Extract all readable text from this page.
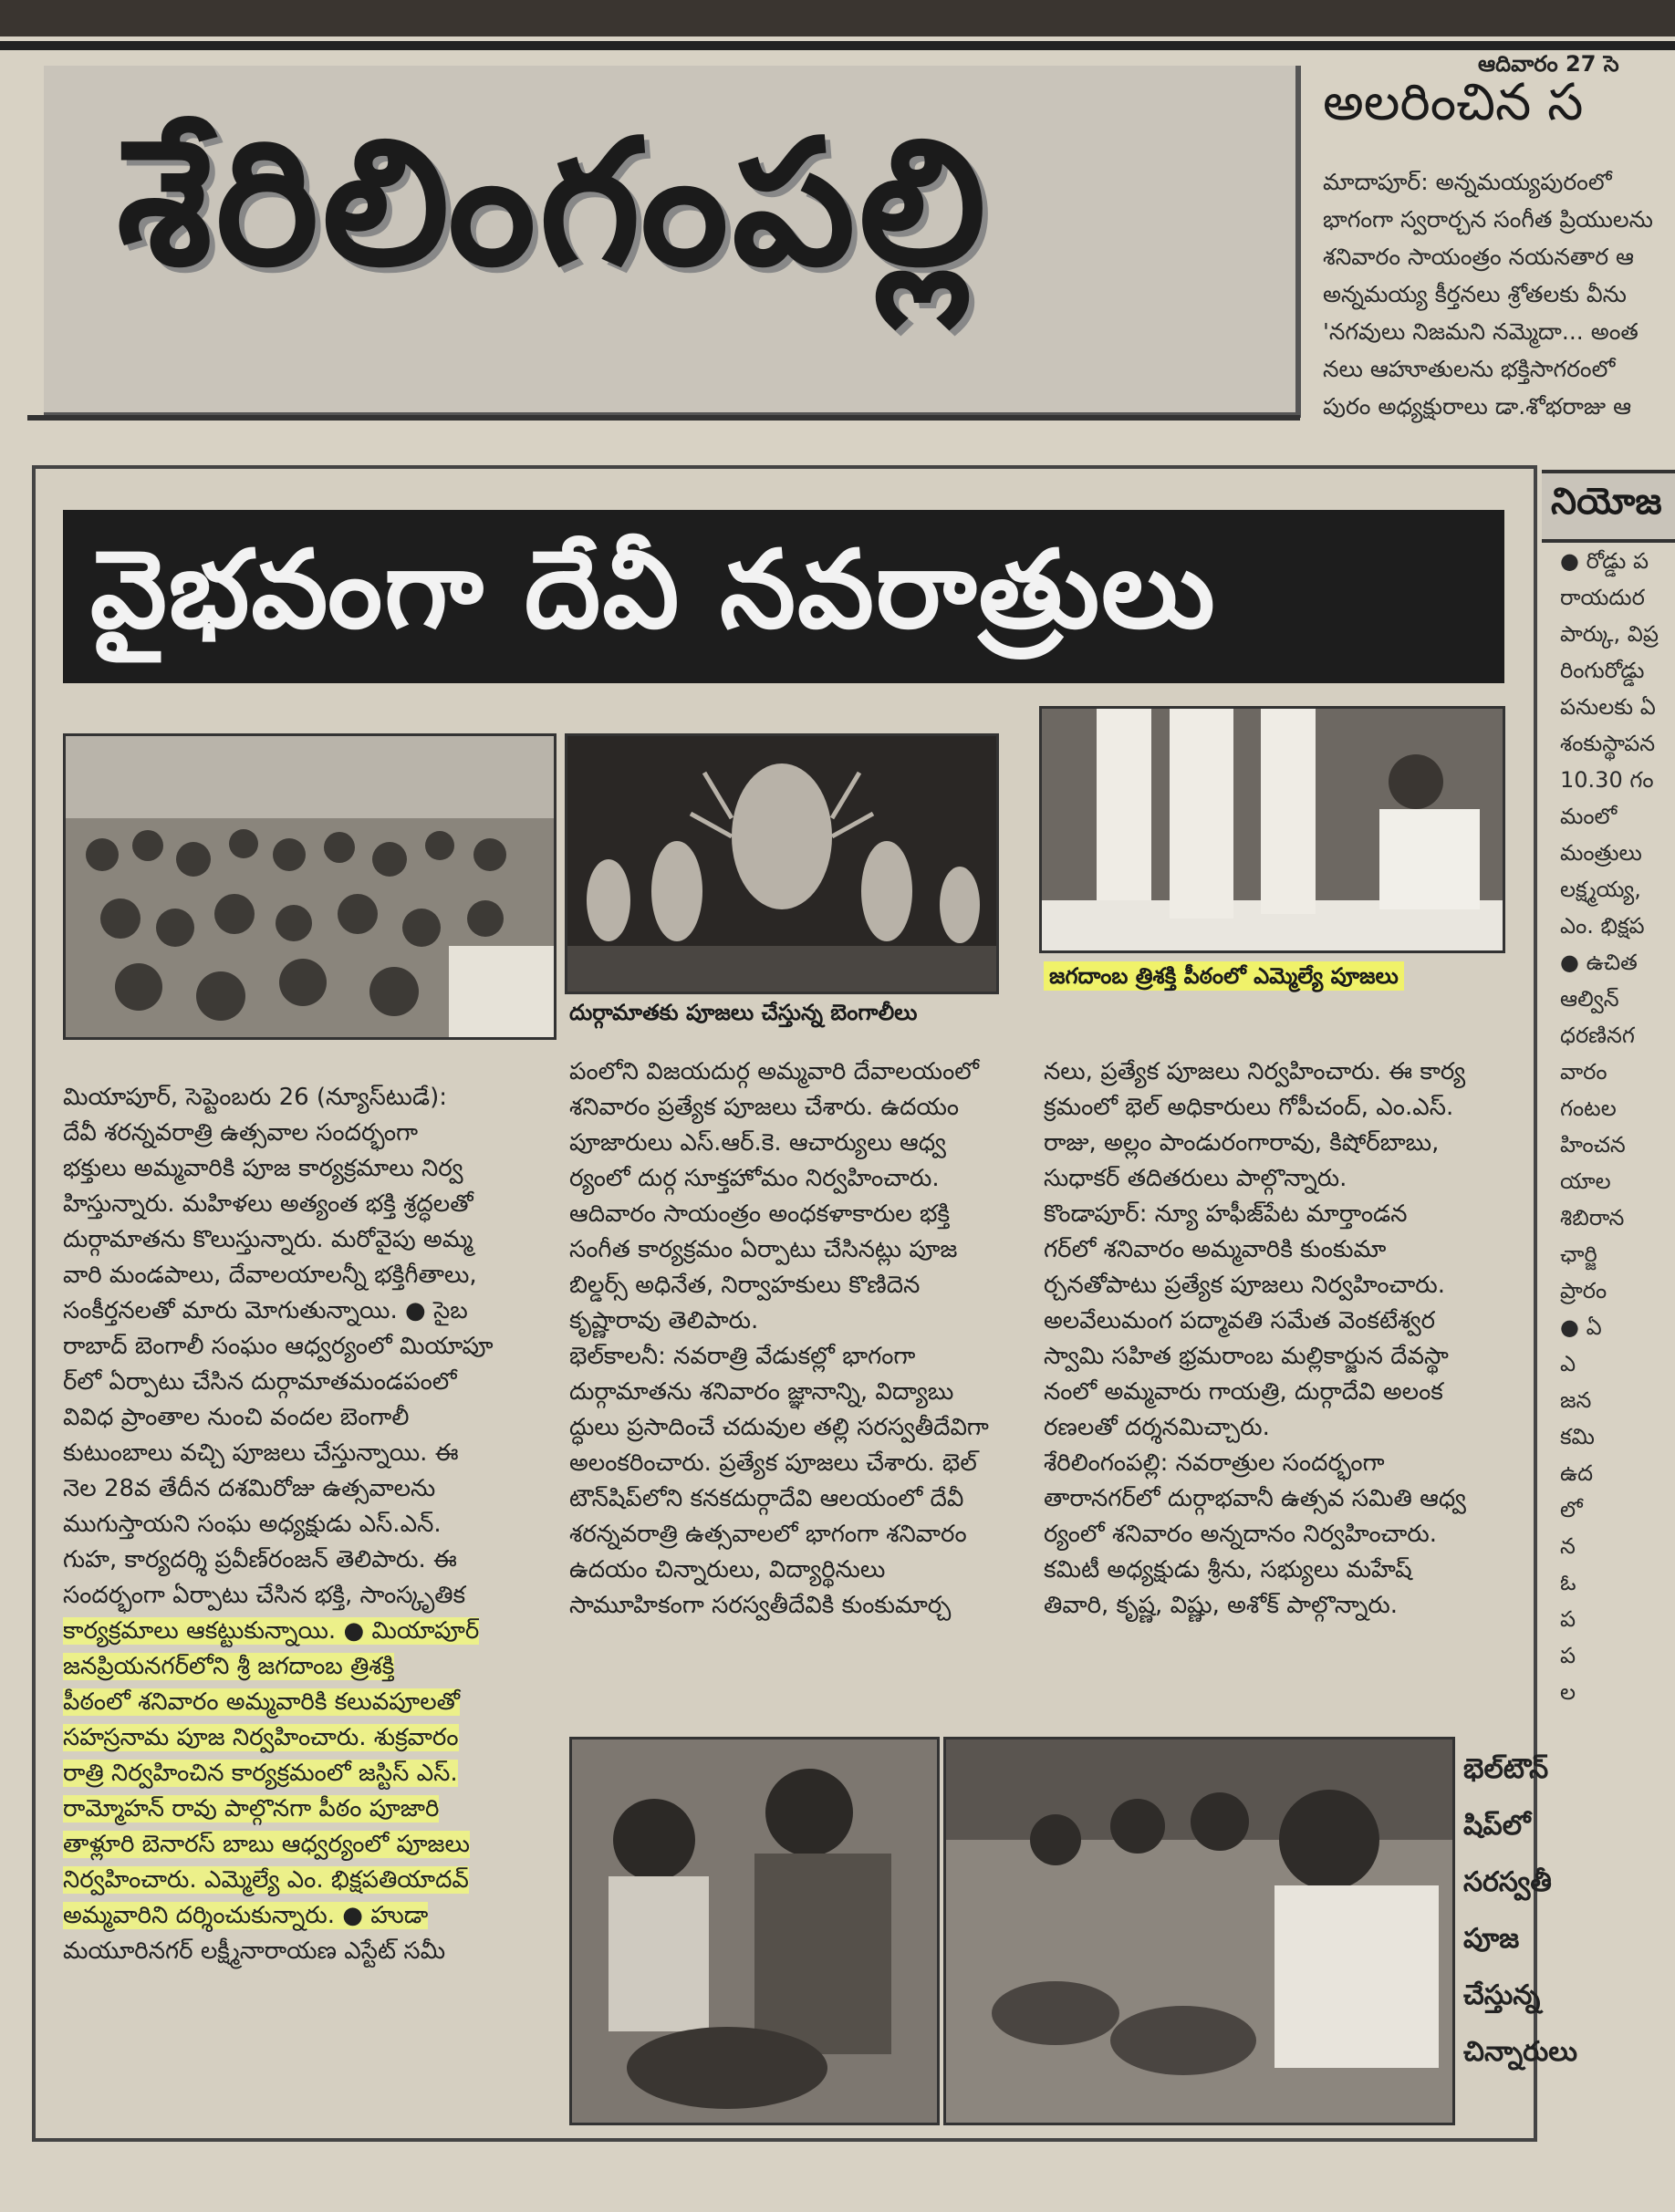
ఆదివారం 27 సె
శేరిలింగంపల్లి	అలరించిన స
మాదాపూర్: అన్నమయ్యపురంలో
భాగంగా స్వరార్చన సంగీత ప్రియులను
శనివారం సాయంత్రం నయనతార ఆ
అన్నమయ్య కీర్తనలు శ్రోతలకు వీను
'నగవులు నిజమని నమ్మెదా... అంత
నలు ఆహూతులను భక్తిసాగరంలో
పురం అధ్యక్షురాలు డా.శోభరాజు ఆ
వైభవంగా దేవీ నవరాత్రులు
దుర్గామాతకు పూజలు చేస్తున్న బెంగాలీలు
జగదాంబ త్రిశక్తి పీఠంలో ఎమ్మెల్యే పూజలు

మియాపూర్, సెప్టెంబరు 26 (న్యూస్‌టుడే):

దేవీ శరన్నవరాత్రి ఉత్సవాల సందర్భంగా

భక్తులు అమ్మవారికి పూజ కార్యక్రమాలు నిర్వ

హిస్తున్నారు. మహిళలు అత్యంత భక్తి శ్రద్ధలతో

దుర్గామాతను కొలుస్తున్నారు. మరోవైపు అమ్మ

వారి మండపాలు, దేవాలయాలన్నీ భక్తిగీతాలు,

సంకీర్తనలతో మారు మోగుతున్నాయి. ● సైబ

రాబాద్ బెంగాలీ సంఘం ఆధ్వర్యంలో మియాపూ

ర్‌లో ఏర్పాటు చేసిన దుర్గామాతమండపంలో

వివిధ ప్రాంతాల నుంచి వందల బెంగాలీ

కుటుంబాలు వచ్చి పూజలు చేస్తున్నాయి. ఈ

నెల 28వ తేదీన దశమిరోజు ఉత్సవాలను

ముగుస్తాయని సంఘ అధ్యక్షుడు ఎస్.ఎన్.

గుహ, కార్యదర్శి ప్రవీణ్‌రంజన్ తెలిపారు. ఈ

సందర్భంగా ఏర్పాటు చేసిన భక్తి, సాంస్కృతిక

కార్యక్రమాలు ఆకట్టుకున్నాయి. ● మియాపూర్

జనప్రియనగర్‌లోని శ్రీ జగదాంబ త్రిశక్తి

పీఠంలో శనివారం అమ్మవారికి కలువపూలతో

సహస్రనామ పూజ నిర్వహించారు. శుక్రవారం

రాత్రి నిర్వహించిన కార్యక్రమంలో జస్టిస్ ఎస్.

రామ్మోహన్ రావు పాల్గొనగా పీఠం పూజారి

తాళ్లూరి బెనారస్ బాబు ఆధ్వర్యంలో పూజలు

నిర్వహించారు. ఎమ్మెల్యే ఎం. భిక్షపతియాదవ్

అమ్మవారిని దర్శించుకున్నారు. ● హుడా

మయూరినగర్ లక్ష్మీనారాయణ ఎస్టేట్ సమీ

పంలోని విజయదుర్గ అమ్మవారి దేవాలయంలో

శనివారం ప్రత్యేక పూజలు చేశారు. ఉదయం

పూజారులు ఎస్.ఆర్.కె. ఆచార్యులు ఆధ్వ

ర్యంలో దుర్గ సూక్తహోమం నిర్వహించారు.

ఆదివారం సాయంత్రం అంధకళాకారుల భక్తి

సంగీత కార్యక్రమం ఏర్పాటు చేసినట్లు పూజ

బిల్డర్స్ అధినేత, నిర్వాహకులు కొణిదెన

కృష్ణారావు తెలిపారు.

భెల్‌కాలనీ: నవరాత్రి వేడుకల్లో భాగంగా

దుర్గామాతను శనివారం జ్ఞానాన్ని, విద్యాబు

ద్ధులు ప్రసాదించే చదువుల తల్లి సరస్వతీదేవిగా

అలంకరించారు. ప్రత్యేక పూజలు చేశారు. భెల్

టౌన్‌షిప్‌లోని కనకదుర్గాదేవి ఆలయంలో దేవీ

శరన్నవరాత్రి ఉత్సవాలలో భాగంగా శనివారం

ఉదయం చిన్నారులు, విద్యార్థినులు

సామూహికంగా సరస్వతీదేవికి కుంకుమార్చ

నలు, ప్రత్యేక పూజలు నిర్వహించారు. ఈ కార్య

క్రమంలో భెల్ అధికారులు గోపీచంద్, ఎం.ఎస్.

రాజు, అల్లం పాండురంగారావు, కిషోర్‌బాబు,

సుధాకర్ తదితరులు పాల్గొన్నారు.

కొండాపూర్: న్యూ హఫీజ్‌పేట మార్తాండన

గర్‌లో శనివారం అమ్మవారికి కుంకుమా

ర్చనతోపాటు ప్రత్యేక పూజలు నిర్వహించారు.

అలవేలుమంగ పద్మావతి సమేత వెంకటేశ్వర

స్వామి సహిత భ్రమరాంబ మల్లికార్జున దేవస్థా

నంలో అమ్మవారు గాయత్రి, దుర్గాదేవి అలంక

రణలతో దర్శనమిచ్చారు.

శేరిలింగంపల్లి: నవరాత్రుల సందర్భంగా

తారానగర్‌లో దుర్గాభవానీ ఉత్సవ సమితి ఆధ్వ

ర్యంలో శనివారం అన్నదానం నిర్వహించారు.

కమిటీ అధ్యక్షుడు శ్రీను, సభ్యులు మహేష్

తివారి, కృష్ణ, విష్ణు, అశోక్ పాల్గొన్నారు.

భెల్‌టౌన్
షిప్‌లో
సరస్వతీ
పూజ
చేస్తున్న
చిన్నారులు
నియోజ
● రోడ్డు ప
రాయదుర
పార్కు, విప్ర
రింగురోడ్డు
పనులకు ఏ
శంకుస్థాపన
10.30 గం
మంలో
మంత్రులు
లక్ష్మయ్య,
ఎం. భిక్షప
● ఉచిత
ఆల్విన్
ధరణినగ
వారం
గంటల
హించన
యాల
శిబిరాన
ఛార్జి
ప్రారం
● ఏ
ఎ
జన
కమి
ఉద
లో
న
ఓ
ప
ప
ల
